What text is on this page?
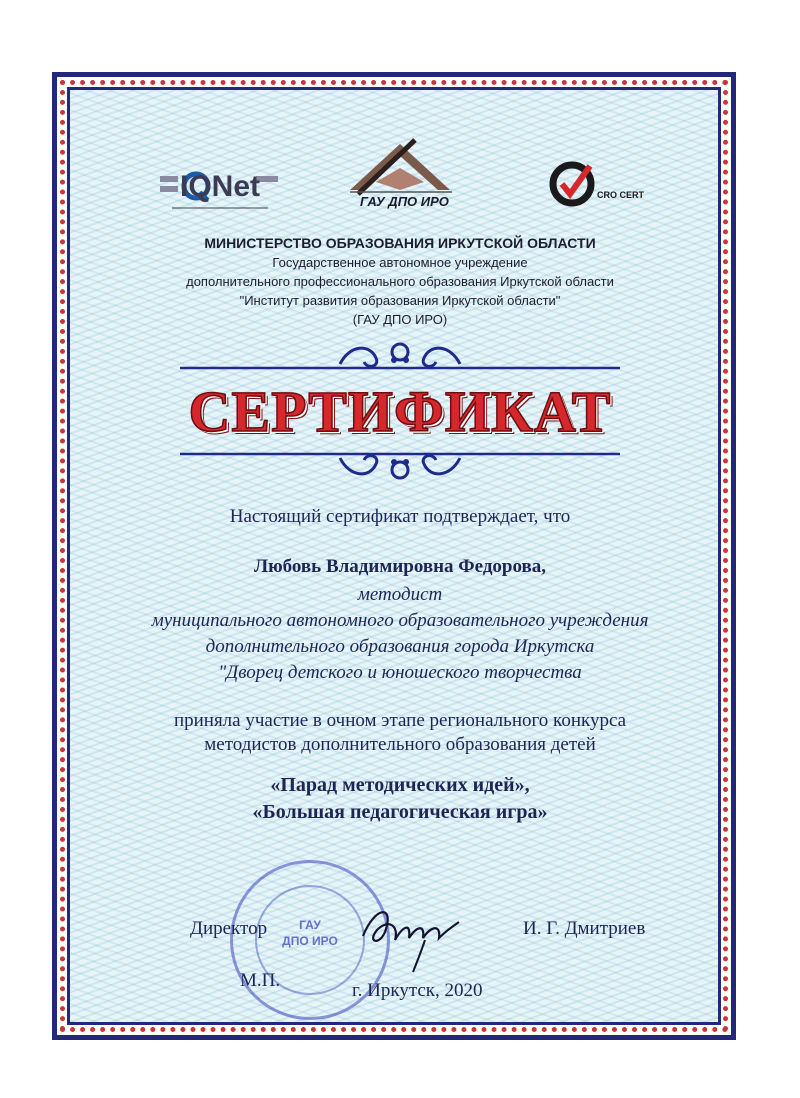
IQNet	ГАУ ДПО ИРО	CRO CERT
МИНИСТЕРСТВО ОБРАЗОВАНИЯ ИРКУТСКОЙ ОБЛАСТИ
Государственное автономное учреждение
дополнительного профессионального образования Иркутской области
"Институт развития образования Иркутской области"
(ГАУ ДПО ИРО)
СЕРТИФИКАТ
Настоящий сертификат подтверждает, что
Любовь Владимировна Федорова,
методист
муниципального автономного образовательного учреждения
дополнительного образования города Иркутска
"Дворец детского и юношеского творчества
приняла участие в очном этапе регионального конкурса
методистов дополнительного образования детей
«Парад методических идей»,
«Большая педагогическая игра»
ГАУ
ДПО ИРО
Директор	И. Г. Дмитриев
М.П.	г. Иркутск, 2020
